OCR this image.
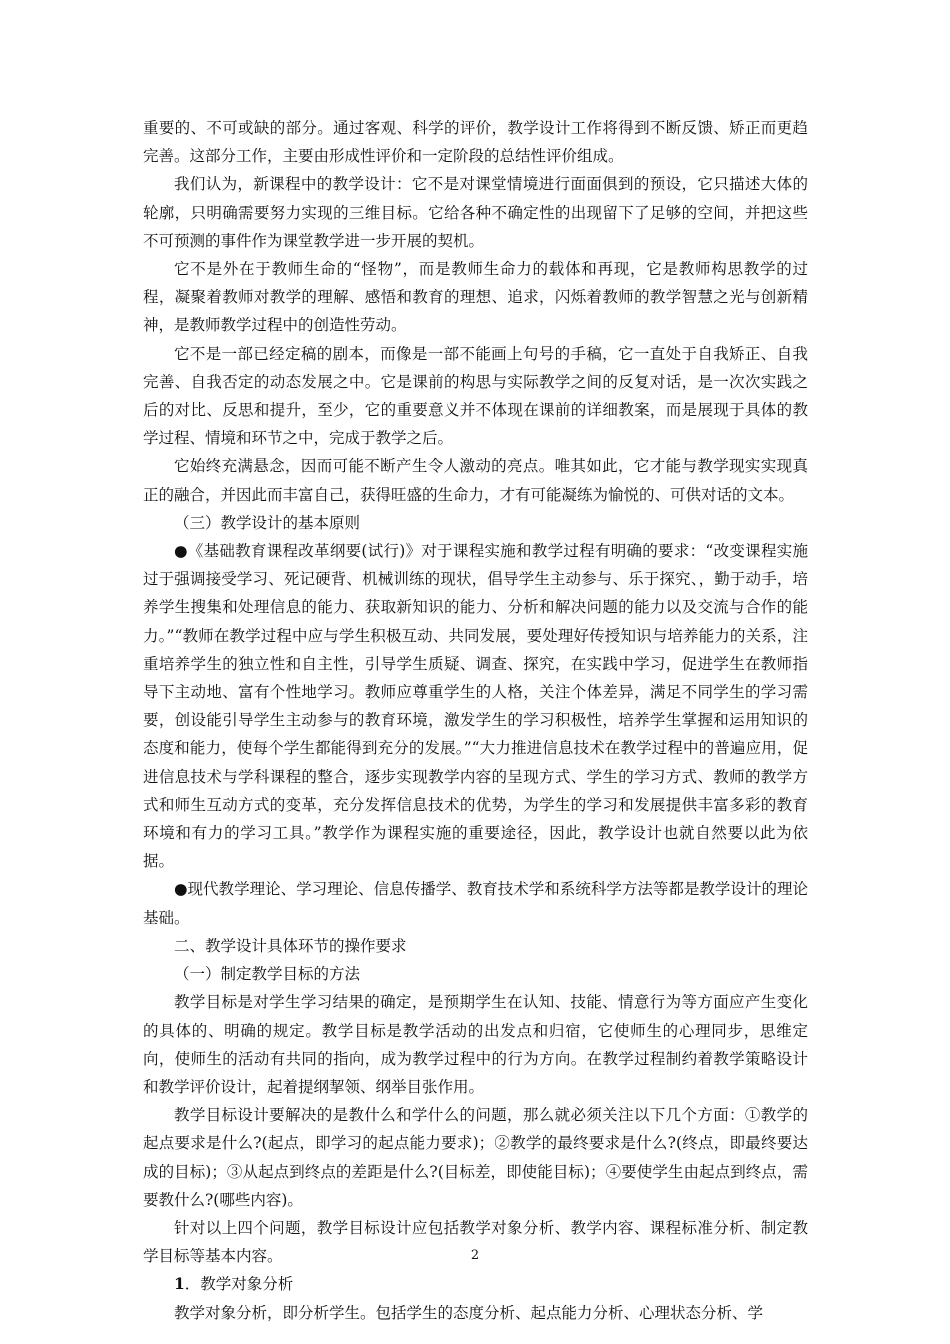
重要的、不可或缺的部分。通过客观、科学的评价，教学设计工作将得到不断反馈、矫正而更趋完善。这部分工作，主要由形成性评价和一定阶段的总结性评价组成。

我们认为，新课程中的教学设计：它不是对课堂情境进行面面俱到的预设，它只描述大体的轮廓，只明确需要努力实现的三维目标。它给各种不确定性的出现留下了足够的空间，并把这些不可预测的事件作为课堂教学进一步开展的契机。

它不是外在于教师生命的“怪物”，而是教师生命力的载体和再现，它是教师构思教学的过程，凝聚着教师对教学的理解、感悟和教育的理想、追求，闪烁着教师的教学智慧之光与创新精神，是教师教学过程中的创造性劳动。

它不是一部已经定稿的剧本，而像是一部不能画上句号的手稿，它一直处于自我矫正、自我完善、自我否定的动态发展之中。它是课前的构思与实际教学之间的反复对话，是一次次实践之后的对比、反思和提升，至少，它的重要意义并不体现在课前的详细教案，而是展现于具体的教学过程、情境和环节之中，完成于教学之后。

它始终充满悬念，因而可能不断产生令人激动的亮点。唯其如此，它才能与教学现实实现真正的融合，并因此而丰富自己，获得旺盛的生命力，才有可能凝练为愉悦的、可供对话的文本。

（三）教学设计的基本原则

●《基础教育课程改革纲要(试行)》对于课程实施和教学过程有明确的要求：“改变课程实施过于强调接受学习、死记硬背、机械训练的现状，倡导学生主动参与、乐于探究、，勤于动手，培养学生搜集和处理信息的能力、获取新知识的能力、分析和解决问题的能力以及交流与合作的能力。”“教师在教学过程中应与学生积极互动、共同发展，要处理好传授知识与培养能力的关系，注重培养学生的独立性和自主性，引导学生质疑、调查、探究，在实践中学习，促进学生在教师指导下主动地、富有个性地学习。教师应尊重学生的人格，关注个体差异，满足不同学生的学习需要，创设能引导学生主动参与的教育环境，激发学生的学习积极性，培养学生掌握和运用知识的态度和能力，使每个学生都能得到充分的发展。”“大力推进信息技术在教学过程中的普遍应用，促进信息技术与学科课程的整合，逐步实现教学内容的呈现方式、学生的学习方式、教师的教学方式和师生互动方式的变革，充分发挥信息技术的优势，为学生的学习和发展提供丰富多彩的教育环境和有力的学习工具。”教学作为课程实施的重要途径，因此，教学设计也就自然要以此为依据。

●现代教学理论、学习理论、信息传播学、教育技术学和系统科学方法等都是教学设计的理论基础。

二、教学设计具体环节的操作要求

（一）制定教学目标的方法

教学目标是对学生学习结果的确定，是预期学生在认知、技能、情意行为等方面应产生变化的具体的、明确的规定。教学目标是教学活动的出发点和归宿，它使师生的心理同步，思维定向，使师生的活动有共同的指向，成为教学过程中的行为方向。在教学过程制约着教学策略设计和教学评价设计，起着提纲挈领、纲举目张作用。

教学目标设计要解决的是教什么和学什么的问题，那么就必须关注以下几个方面：①教学的起点要求是什么?(起点，即学习的起点能力要求)；②教学的最终要求是什么?(终点，即最终要达成的目标)；③从起点到终点的差距是什么?(目标差，即使能目标)；④要使学生由起点到终点，需要教什么?(哪些内容)。

针对以上四个问题，教学目标设计应包括教学对象分析、教学内容、课程标准分析、制定教学目标等基本内容。

1．教学对象分析

教学对象分析，即分析学生。包括学生的态度分析、起点能力分析、心理状态分析、学

2
